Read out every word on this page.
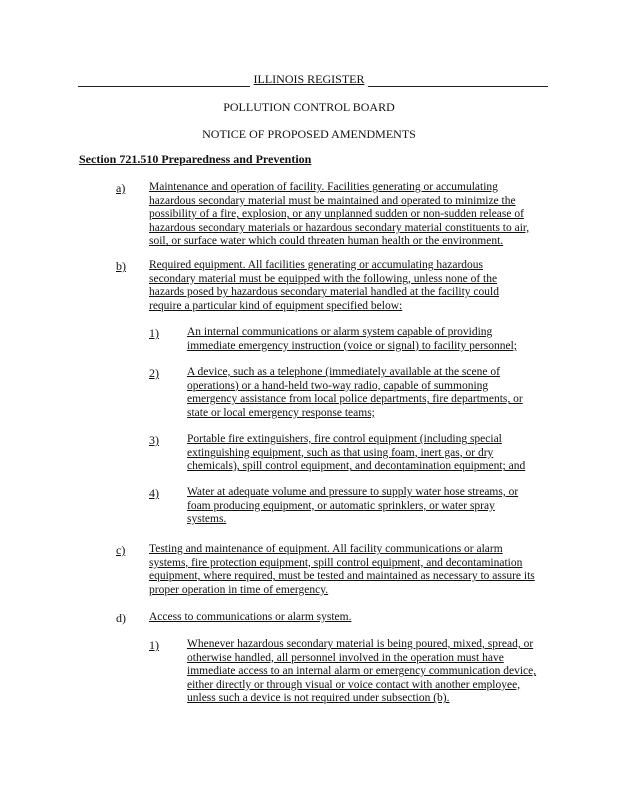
ILLINOIS REGISTER
POLLUTION CONTROL BOARD
NOTICE OF PROPOSED AMENDMENTS
Section 721.510 Preparedness and Prevention
a) Maintenance and operation of facility. Facilities generating or accumulating hazardous secondary material must be maintained and operated to minimize the possibility of a fire, explosion, or any unplanned sudden or non-sudden release of hazardous secondary materials or hazardous secondary material constituents to air, soil, or surface water which could threaten human health or the environment.
b) Required equipment. All facilities generating or accumulating hazardous secondary material must be equipped with the following, unless none of the hazards posed by hazardous secondary material handled at the facility could require a particular kind of equipment specified below:
1) An internal communications or alarm system capable of providing immediate emergency instruction (voice or signal) to facility personnel;
2) A device, such as a telephone (immediately available at the scene of operations) or a hand-held two-way radio, capable of summoning emergency assistance from local police departments, fire departments, or state or local emergency response teams;
3) Portable fire extinguishers, fire control equipment (including special extinguishing equipment, such as that using foam, inert gas, or dry chemicals), spill control equipment, and decontamination equipment; and
4) Water at adequate volume and pressure to supply water hose streams, or foam producing equipment, or automatic sprinklers, or water spray systems.
c) Testing and maintenance of equipment. All facility communications or alarm systems, fire protection equipment, spill control equipment, and decontamination equipment, where required, must be tested and maintained as necessary to assure its proper operation in time of emergency.
d) Access to communications or alarm system.
1) Whenever hazardous secondary material is being poured, mixed, spread, or otherwise handled, all personnel involved in the operation must have immediate access to an internal alarm or emergency communication device, either directly or through visual or voice contact with another employee, unless such a device is not required under subsection (b).
